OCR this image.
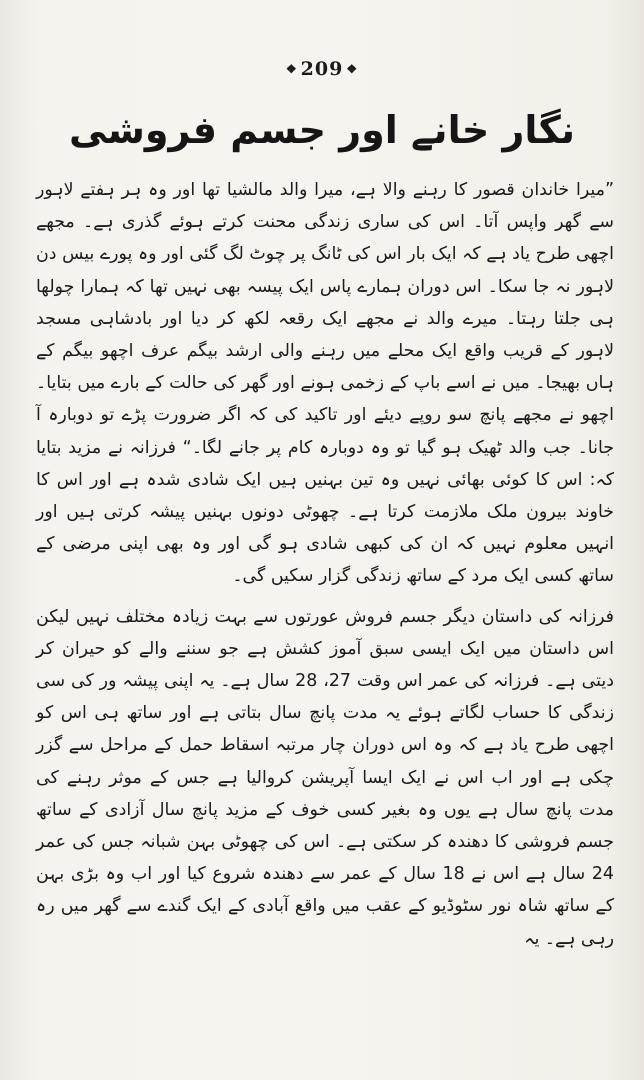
❖ 209 ❖
نگار خانے اور جسم فروشی

”میرا خاندان قصور کا رہنے والا ہے، میرا والد مالشیا تھا اور وہ ہر ہفتے لاہور سے گھر واپس آتا۔ اس کی ساری زندگی محنت کرتے ہوئے گذری ہے۔ مجھے اچھی طرح یاد ہے کہ ایک بار اس کی ٹانگ پر چوٹ لگ گئی اور وہ پورے بیس دن لاہور نہ جا سکا۔ اس دوران ہمارے پاس ایک پیسہ بھی نہیں تھا کہ ہمارا چولھا ہی جلتا رہتا۔ میرے والد نے مجھے ایک رقعہ لکھ کر دیا اور بادشاہی مسجد لاہور کے قریب واقع ایک محلے میں رہنے والی ارشد بیگم عرف اچھو بیگم کے ہاں بھیجا۔ میں نے اسے باپ کے زخمی ہونے اور گھر کی حالت کے بارے میں بتایا۔ اچھو نے مجھے پانچ سو روپے دیئے اور تاکید کی کہ اگر ضرورت پڑے تو دوبارہ آ جانا۔ جب والد ٹھیک ہو گیا تو وہ دوبارہ کام پر جانے لگا۔“ فرزانہ نے مزید بتایا کہ: اس کا کوئی بھائی نہیں وہ تین بہنیں ہیں ایک شادی شدہ ہے اور اس کا خاوند بیرون ملک ملازمت کرتا ہے۔ چھوٹی دونوں بہنیں پیشہ کرتی ہیں اور انہیں معلوم نہیں کہ ان کی کبھی شادی ہو گی اور وہ بھی اپنی مرضی کے ساتھ کسی ایک مرد کے ساتھ زندگی گزار سکیں گی۔

فرزانہ کی داستان دیگر جسم فروش عورتوں سے بہت زیادہ مختلف نہیں لیکن اس داستان میں ایک ایسی سبق آموز کشش ہے جو سننے والے کو حیران کر دیتی ہے۔ فرزانہ کی عمر اس وقت 27، 28 سال ہے۔ یہ اپنی پیشہ ور کی سی زندگی کا حساب لگاتے ہوئے یہ مدت پانچ سال بتاتی ہے اور ساتھ ہی اس کو اچھی طرح یاد ہے کہ وہ اس دوران چار مرتبہ اسقاط حمل کے مراحل سے گزر چکی ہے اور اب اس نے ایک ایسا آپریشن کروالیا ہے جس کے موثر رہنے کی مدت پانچ سال ہے یوں وہ بغیر کسی خوف کے مزید پانچ سال آزادی کے ساتھ جسم فروشی کا دھندہ کر سکتی ہے۔ اس کی چھوٹی بہن شبانہ جس کی عمر 24 سال ہے اس نے 18 سال کے عمر سے دھندہ شروع کیا اور اب وہ بڑی بہن کے ساتھ شاہ نور سٹوڈیو کے عقب میں واقع آبادی کے ایک گندے سے گھر میں رہ رہی ہے۔ یہ
